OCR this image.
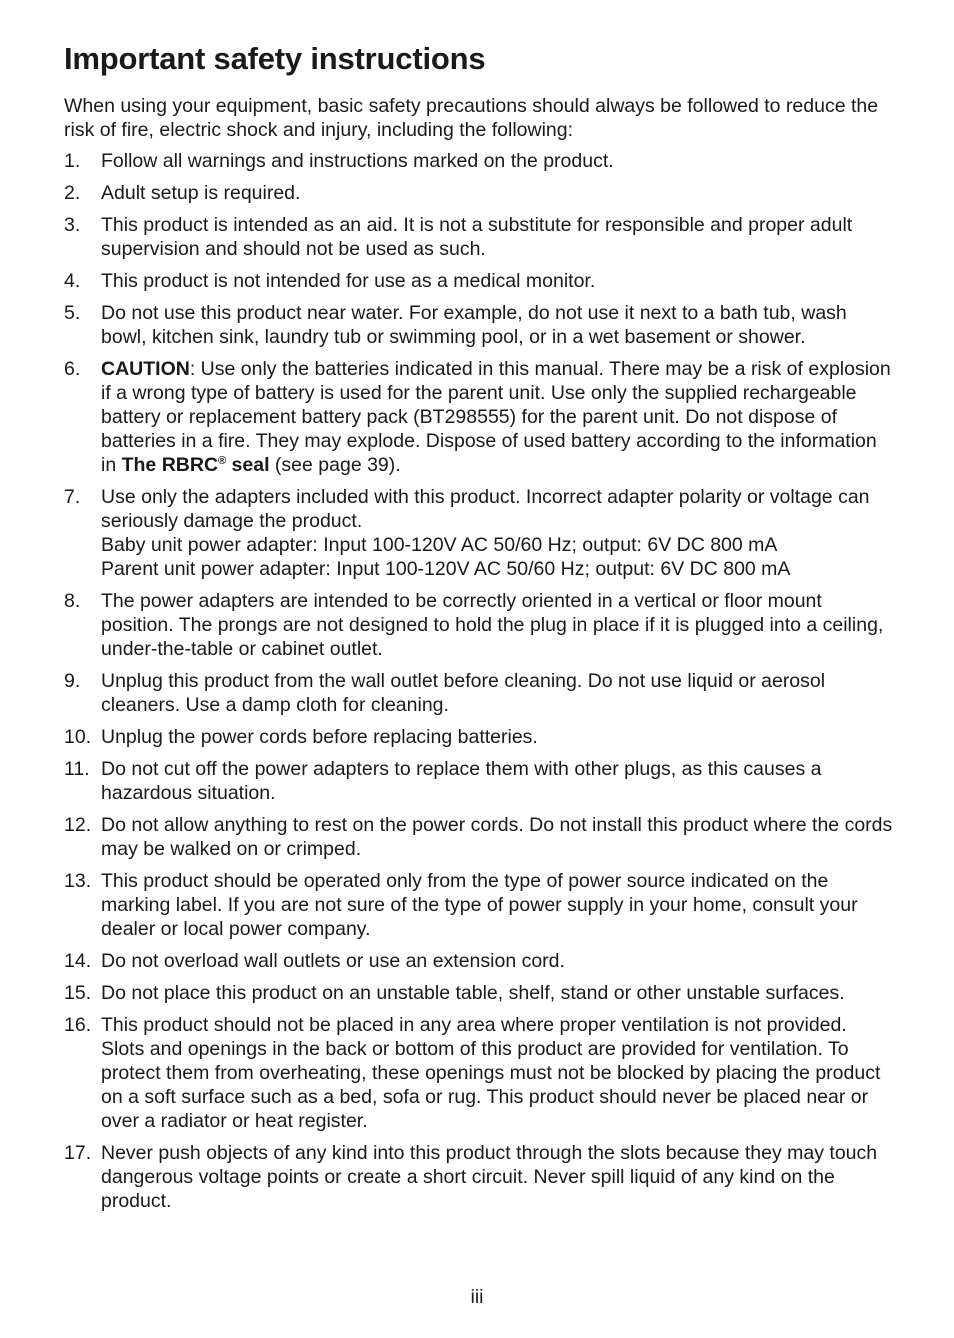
Important safety instructions

When using your equipment, basic safety precautions should always be followed to reduce the risk of fire, electric shock and injury, including the following:

1.	Follow all warnings and instructions marked on the product.
2.	Adult setup is required.
3.	This product is intended as an aid. It is not a substitute for responsible and proper adult supervision and should not be used as such.
4.	This product is not intended for use as a medical monitor.
5.	Do not use this product near water. For example, do not use it next to a bath tub, wash bowl, kitchen sink, laundry tub or swimming pool, or in a wet basement or shower.
6.	CAUTION: Use only the batteries indicated in this manual. There may be a risk of explosion if a wrong type of battery is used for the parent unit. Use only the supplied rechargeable battery or replacement battery pack (BT298555) for the parent unit. Do not dispose of batteries in a fire. They may explode. Dispose of used battery according to the information in The RBRC® seal (see page 39).
7.	Use only the adapters included with this product. Incorrect adapter polarity or voltage can seriously damage the product.
Baby unit power adapter: Input 100-120V AC 50/60 Hz; output: 6V DC 800 mA
Parent unit power adapter: Input 100-120V AC 50/60 Hz; output: 6V DC 800 mA
8.	The power adapters are intended to be correctly oriented in a vertical or floor mount position. The prongs are not designed to hold the plug in place if it is plugged into a ceiling, under-the-table or cabinet outlet.
9.	Unplug this product from the wall outlet before cleaning. Do not use liquid or aerosol cleaners. Use a damp cloth for cleaning.
10. Unplug the power cords before replacing batteries.
11. Do not cut off the power adapters to replace them with other plugs, as this causes a hazardous situation.
12. Do not allow anything to rest on the power cords. Do not install this product where the cords may be walked on or crimped.
13. This product should be operated only from the type of power source indicated on the marking label. If you are not sure of the type of power supply in your home, consult your dealer or local power company.
14. Do not overload wall outlets or use an extension cord.
15. Do not place this product on an unstable table, shelf, stand or other unstable surfaces.
16. This product should not be placed in any area where proper ventilation is not provided. Slots and openings in the back or bottom of this product are provided for ventilation. To protect them from overheating, these openings must not be blocked by placing the product on a soft surface such as a bed, sofa or rug. This product should never be placed near or over a radiator or heat register.
17. Never push objects of any kind into this product through the slots because they may touch dangerous voltage points or create a short circuit. Never spill liquid of any kind on the product.
iii
